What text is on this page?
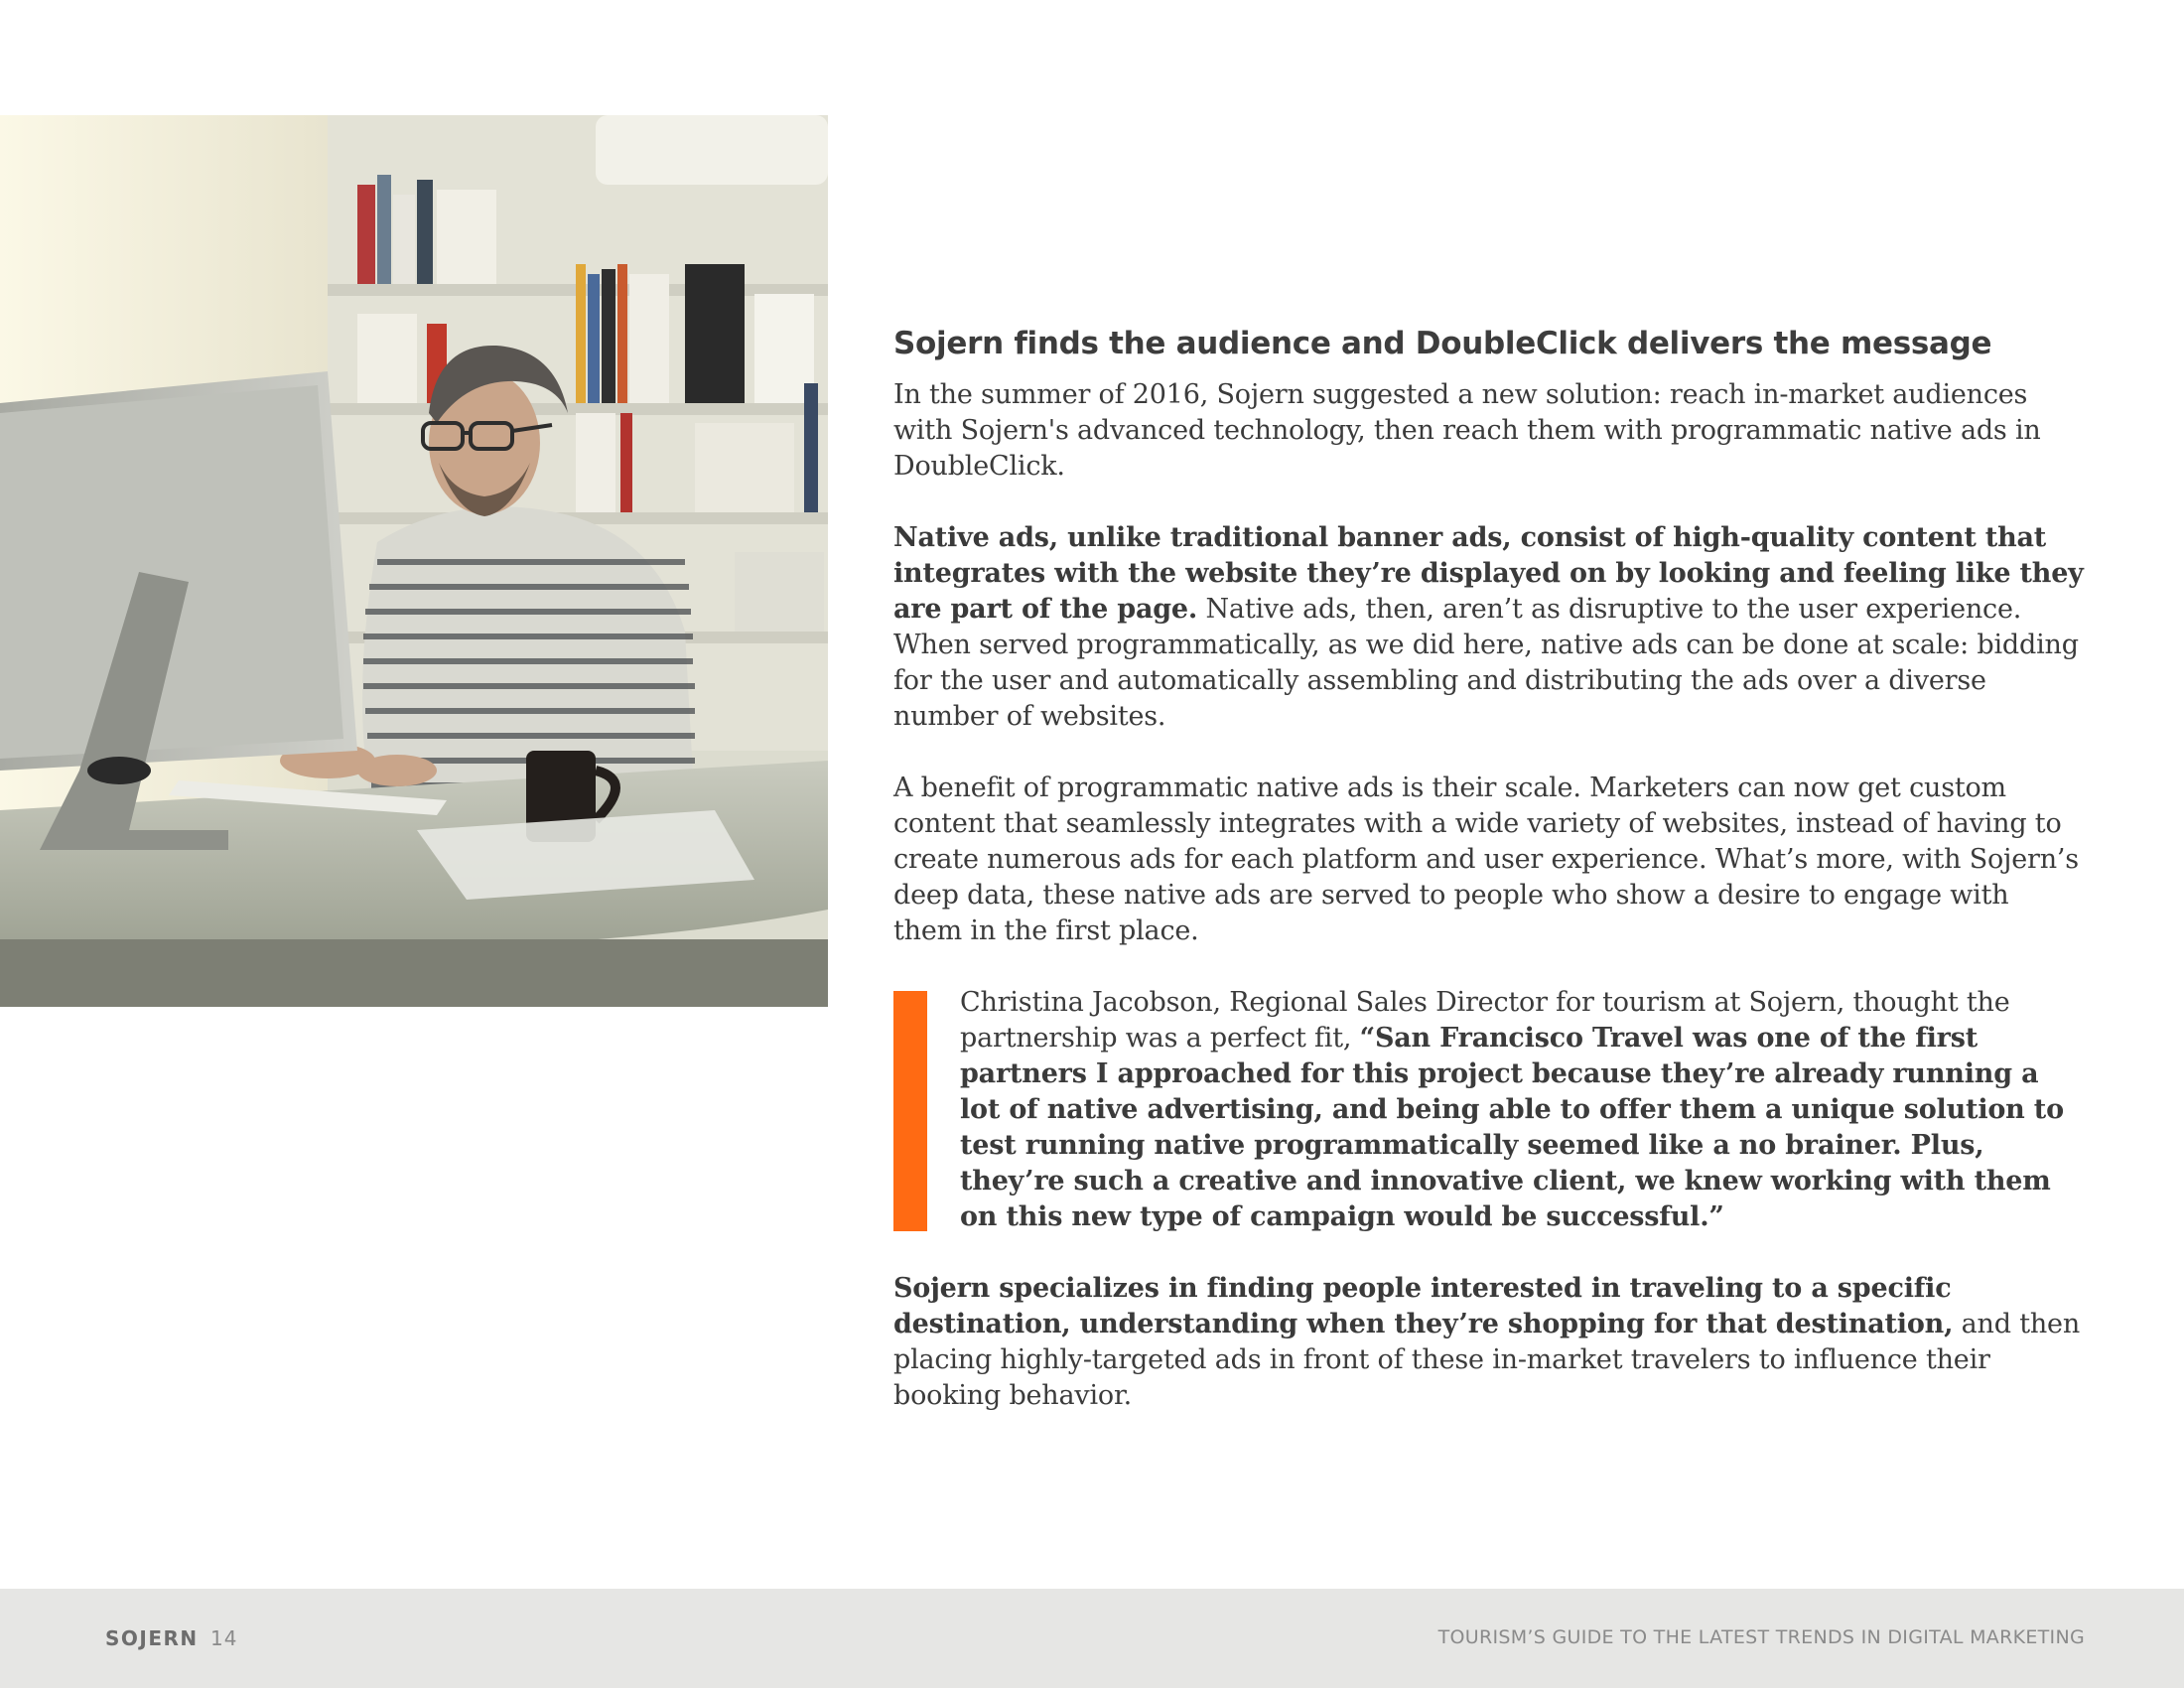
Sojern finds the audience and DoubleClick delivers the message

In the summer of 2016, Sojern suggested a new solution: reach in-market audiences with Sojern's advanced technology, then reach them with programmatic native ads in DoubleClick.

Native ads, unlike traditional banner ads, consist of high-quality content that integrates with the website they’re displayed on by looking and feeling like they are part of the page. Native ads, then, aren’t as disruptive to the user experience. When served programmatically, as we did here, native ads can be done at scale: bidding for the user and automatically assembling and distributing the ads over a diverse number of websites.

A benefit of programmatic native ads is their scale. Marketers can now get custom content that seamlessly integrates with a wide variety of websites, instead of having to create numerous ads for each platform and user experience. What’s more, with Sojern’s deep data, these native ads are served to people who show a desire to engage with them in the first place.

Christina Jacobson, Regional Sales Director for tourism at Sojern, thought the partnership was a perfect fit, “San Francisco Travel was one of the first partners I approached for this project because they’re already running a lot of native advertising, and being able to offer them a unique solution to test running native programmatically seemed like a no brainer. Plus, they’re such a creative and innovative client, we knew working with them on this new type of campaign would be successful.”

Sojern specializes in finding people interested in traveling to a specific destination, understanding when they’re shopping for that destination, and then placing highly-targeted ads in front of these in-market travelers to influence their booking behavior.

SOJERN 14	TOURISM’S GUIDE TO THE LATEST TRENDS IN DIGITAL MARKETING
